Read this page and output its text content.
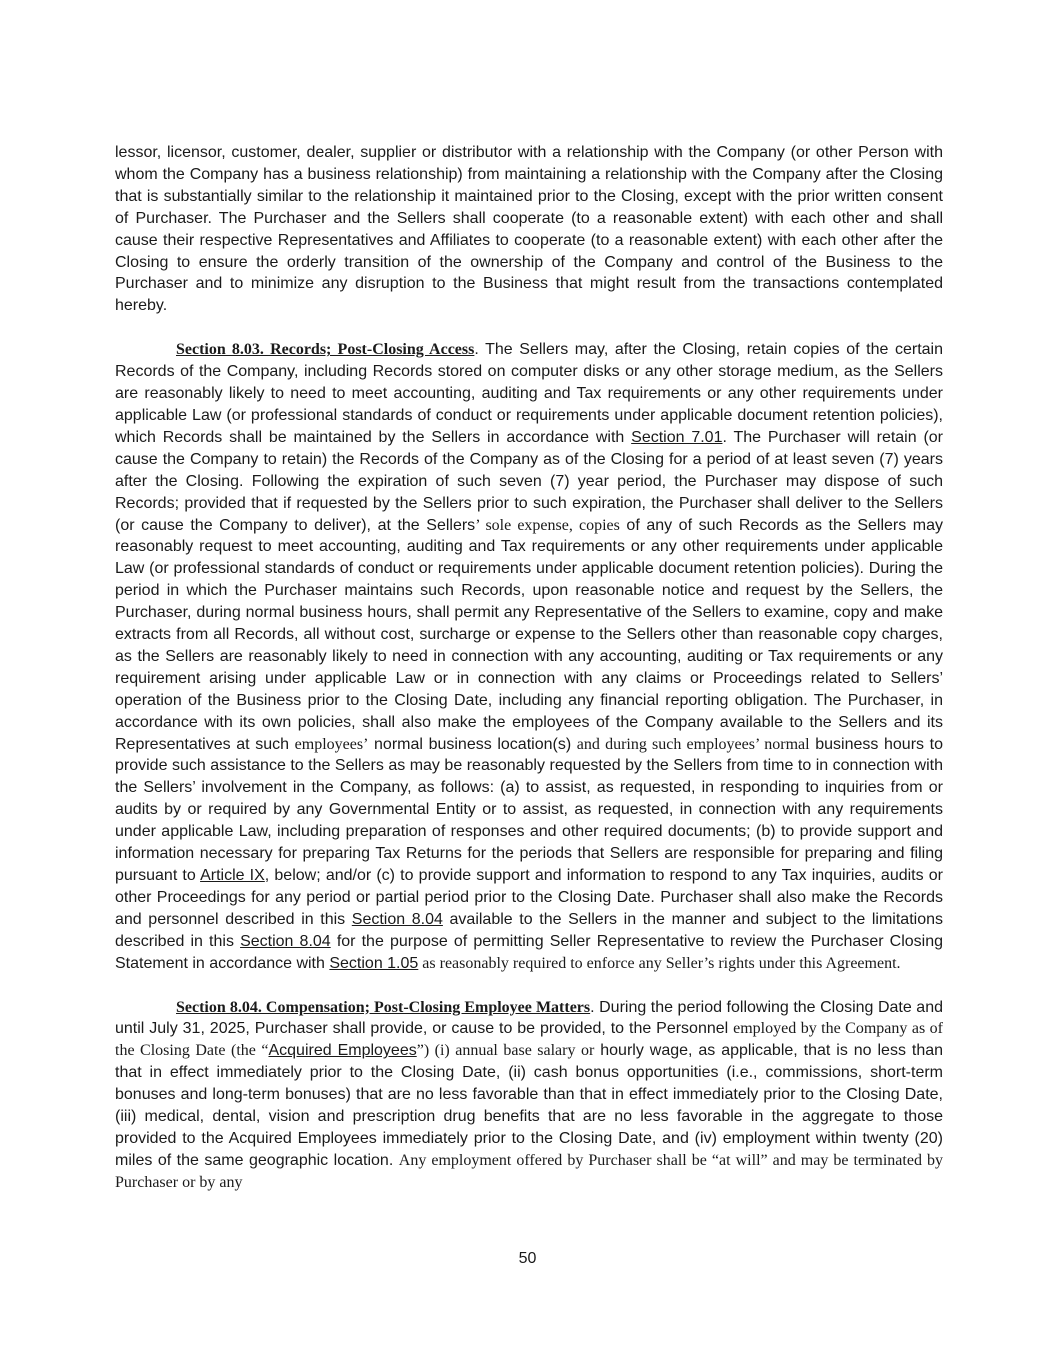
lessor, licensor, customer, dealer, supplier or distributor with a relationship with the Company (or other Person with whom the Company has a business relationship) from maintaining a relationship with the Company after the Closing that is substantially similar to the relationship it maintained prior to the Closing, except with the prior written consent of Purchaser. The Purchaser and the Sellers shall cooperate (to a reasonable extent) with each other and shall cause their respective Representatives and Affiliates to cooperate (to a reasonable extent) with each other after the Closing to ensure the orderly transition of the ownership of the Company and control of the Business to the Purchaser and to minimize any disruption to the Business that might result from the transactions contemplated hereby.

Section 8.03. Records; Post-Closing Access. The Sellers may, after the Closing, retain copies of the certain Records of the Company, including Records stored on computer disks or any other storage medium, as the Sellers are reasonably likely to need to meet accounting, auditing and Tax requirements or any other requirements under applicable Law (or professional standards of conduct or requirements under applicable document retention policies), which Records shall be maintained by the Sellers in accordance with Section 7.01. The Purchaser will retain (or cause the Company to retain) the Records of the Company as of the Closing for a period of at least seven (7) years after the Closing. Following the expiration of such seven (7) year period, the Purchaser may dispose of such Records; provided that if requested by the Sellers prior to such expiration, the Purchaser shall deliver to the Sellers (or cause the Company to deliver), at the Sellers’ sole expense, copies of any of such Records as the Sellers may reasonably request to meet accounting, auditing and Tax requirements or any other requirements under applicable Law (or professional standards of conduct or requirements under applicable document retention policies). During the period in which the Purchaser maintains such Records, upon reasonable notice and request by the Sellers, the Purchaser, during normal business hours, shall permit any Representative of the Sellers to examine, copy and make extracts from all Records, all without cost, surcharge or expense to the Sellers other than reasonable copy charges, as the Sellers are reasonably likely to need in connection with any accounting, auditing or Tax requirements or any requirement arising under applicable Law or in connection with any claims or Proceedings related to Sellers’ operation of the Business prior to the Closing Date, including any financial reporting obligation. The Purchaser, in accordance with its own policies, shall also make the employees of the Company available to the Sellers and its Representatives at such employees’ normal business location(s) and during such employees’ normal business hours to provide such assistance to the Sellers as may be reasonably requested by the Sellers from time to in connection with the Sellers’ involvement in the Company, as follows: (a) to assist, as requested, in responding to inquiries from or audits by or required by any Governmental Entity or to assist, as requested, in connection with any requirements under applicable Law, including preparation of responses and other required documents; (b) to provide support and information necessary for preparing Tax Returns for the periods that Sellers are responsible for preparing and filing pursuant to Article IX, below; and/or (c) to provide support and information to respond to any Tax inquiries, audits or other Proceedings for any period or partial period prior to the Closing Date. Purchaser shall also make the Records and personnel described in this Section 8.04 available to the Sellers in the manner and subject to the limitations described in this Section 8.04 for the purpose of permitting Seller Representative to review the Purchaser Closing Statement in accordance with Section 1.05 as reasonably required to enforce any Seller’s rights under this Agreement.

Section 8.04. Compensation; Post-Closing Employee Matters. During the period following the Closing Date and until July 31, 2025, Purchaser shall provide, or cause to be provided, to the Personnel employed by the Company as of the Closing Date (the “Acquired Employees”) (i) annual base salary or hourly wage, as applicable, that is no less than that in effect immediately prior to the Closing Date, (ii) cash bonus opportunities (i.e., commissions, short-term bonuses and long-term bonuses) that are no less favorable than that in effect immediately prior to the Closing Date, (iii) medical, dental, vision and prescription drug benefits that are no less favorable in the aggregate to those provided to the Acquired Employees immediately prior to the Closing Date, and (iv) employment within twenty (20) miles of the same geographic location. Any employment offered by Purchaser shall be “at will” and may be terminated by Purchaser or by any

50
